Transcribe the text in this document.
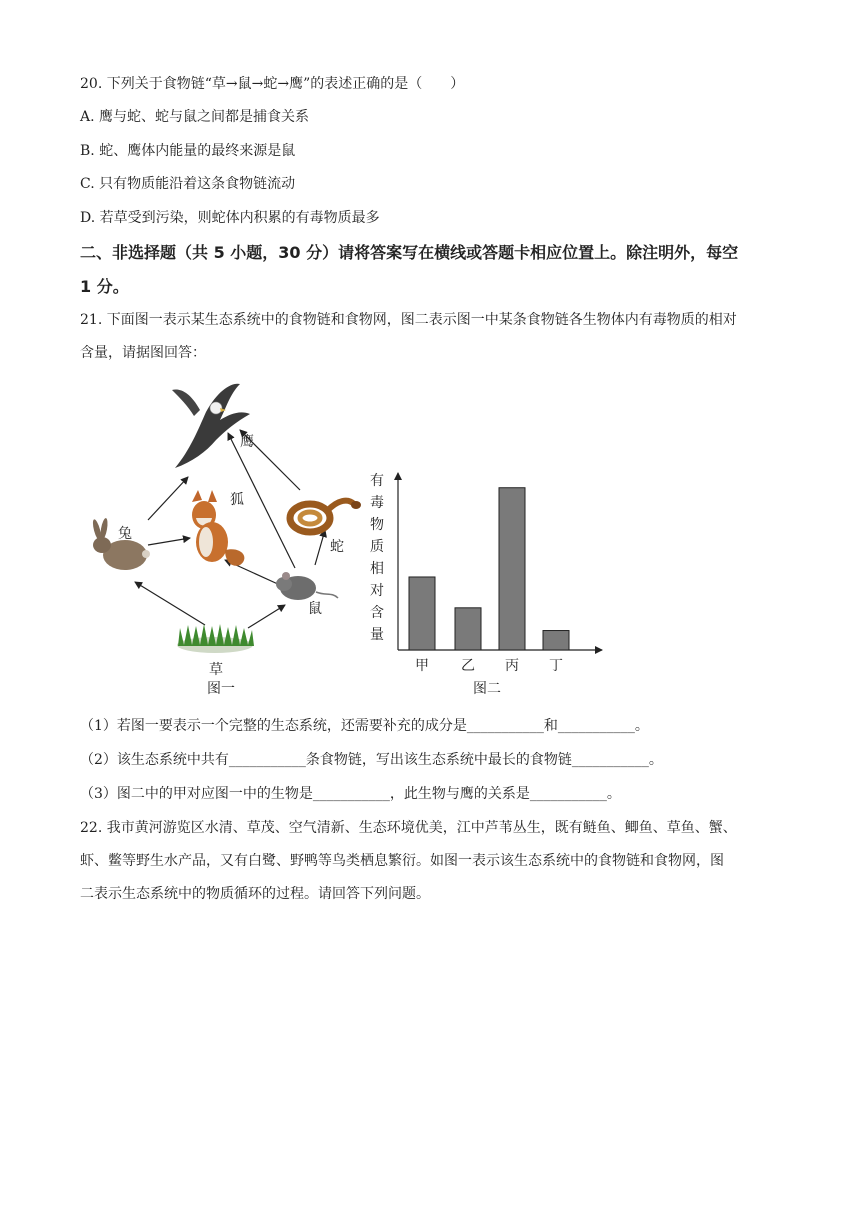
20. 下列关于食物链“草→鼠→蛇→鹰”的表述正确的是（　　）
A. 鹰与蛇、蛇与鼠之间都是捕食关系
B. 蛇、鹰体内能量的最终来源是鼠
C. 只有物质能沿着这条食物链流动
D. 若草受到污染，则蛇体内积累的有毒物质最多
二、非选择题（共 5 小题，30 分）请将答案写在横线或答题卡相应位置上。除注明外，每空
1 分。
21. 下面图一表示某生态系统中的食物链和食物网，图二表示图一中某条食物链各生物体内有毒物质的相对
含量，请据图回答：
鹰
兔
狐
蛇
鼠
草
图一
有
毒
物
质
相
对
含
量
甲 乙 丙 丁
图二
（1）若图一要表示一个完整的生态系统，还需要补充的成分是___________和___________。
（2）该生态系统中共有___________条食物链，写出该生态系统中最长的食物链___________。
（3）图二中的甲对应图一中的生物是___________，此生物与鹰的关系是___________。
22. 我市黄河游览区水清、草茂、空气清新、生态环境优美，江中芦苇丛生，既有鲢鱼、鲫鱼、草鱼、蟹、
虾、鳖等野生水产品，又有白鹭、野鸭等鸟类栖息繁衍。如图一表示该生态系统中的食物链和食物网，图
二表示生态系统中的物质循环的过程。请回答下列问题。
